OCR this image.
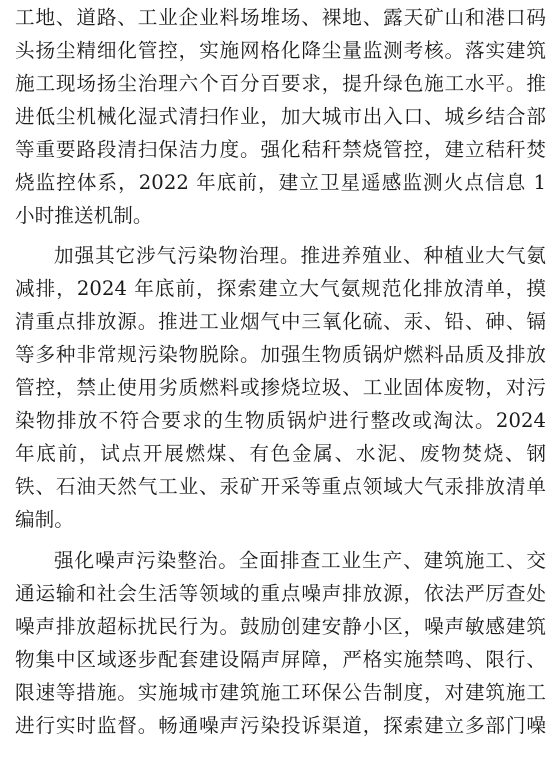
工地、道路、工业企业料场堆场、裸地、露天矿山和港口码
头扬尘精细化管控，实施网格化降尘量监测考核。落实建筑
施工现场扬尘治理六个百分百要求，提升绿色施工水平。推
进低尘机械化湿式清扫作业，加大城市出入口、城乡结合部
等重要路段清扫保洁力度。强化秸秆禁烧管控，建立秸秆焚
烧监控体系，2022 年底前，建立卫星遥感监测火点信息 1
小时推送机制。
加强其它涉气污染物治理。推进养殖业、种植业大气氨
减排，2024 年底前，探索建立大气氨规范化排放清单，摸
清重点排放源。推进工业烟气中三氧化硫、汞、铅、砷、镉
等多种非常规污染物脱除。加强生物质锅炉燃料品质及排放
管控，禁止使用劣质燃料或掺烧垃圾、工业固体废物，对污
染物排放不符合要求的生物质锅炉进行整改或淘汰。2024
年底前，试点开展燃煤、有色金属、水泥、废物焚烧、钢
铁、石油天然气工业、汞矿开采等重点领域大气汞排放清单
编制。
强化噪声污染整治。全面排查工业生产、建筑施工、交
通运输和社会生活等领域的重点噪声排放源，依法严厉查处
噪声排放超标扰民行为。鼓励创建安静小区，噪声敏感建筑
物集中区域逐步配套建设隔声屏障，严格实施禁鸣、限行、
限速等措施。实施城市建筑施工环保公告制度，对建筑施工
进行实时监督。畅通噪声污染投诉渠道，探索建立多部门噪
